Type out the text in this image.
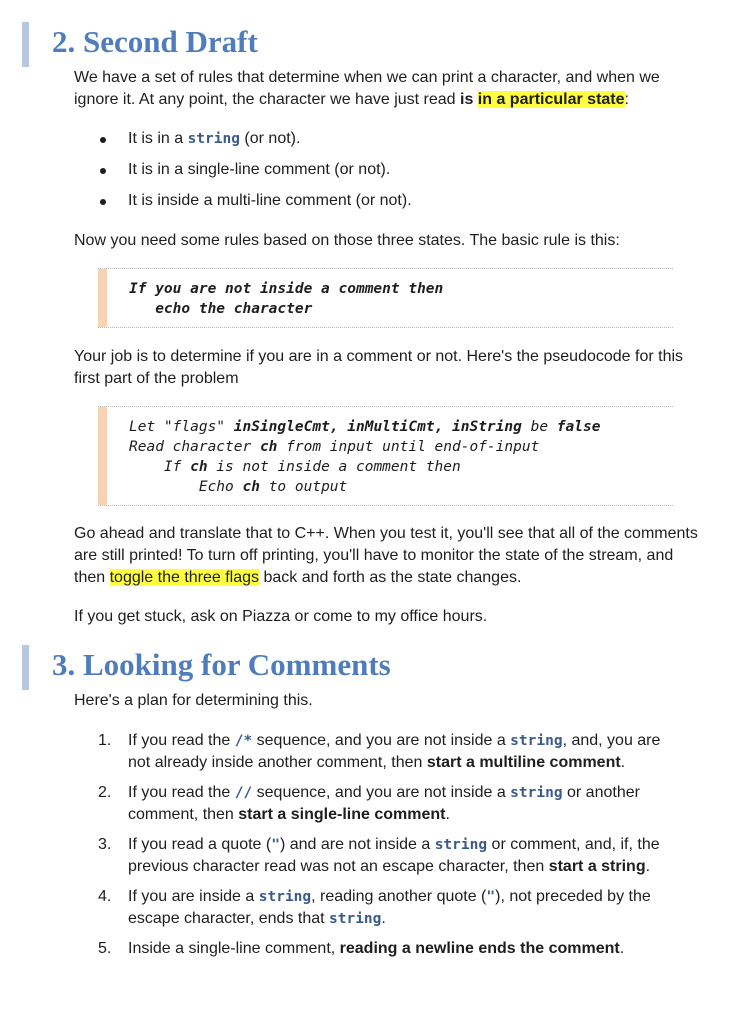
2. Second Draft

We have a set of rules that determine when we can print a character, and when we ignore it. At any point, the character we have just read is in a particular state:

It is in a string (or not).
It is in a single-line comment (or not).
It is inside a multi-line comment (or not).

Now you need some rules based on those three states. The basic rule is this:

If you are not inside a comment then
echo the character

Your job is to determine if you are in a comment or not. Here's the pseudocode for this first part of the problem

Let "flags" inSingleCmt, inMultiCmt, inString be false
Read character ch from input until end-of-input
If ch is not inside a comment then
Echo ch to output

Go ahead and translate that to C++. When you test it, you'll see that all of the comments are still printed! To turn off printing, you'll have to monitor the state of the stream, and then toggle the three flags back and forth as the state changes.

If you get stuck, ask on Piazza or come to my office hours.

3. Looking for Comments

Here's a plan for determining this.

1. If you read the /* sequence, and you are not inside a string, and, you are not already inside another comment, then start a multiline comment.
2. If you read the // sequence, and you are not inside a string or another comment, then start a single-line comment.
3. If you read a quote (") and are not inside a string or comment, and, if, the previous character read was not an escape character, then start a string.
4. If you are inside a string, reading another quote ("), not preceded by the escape character, ends that string.
5. Inside a single-line comment, reading a newline ends the comment.
